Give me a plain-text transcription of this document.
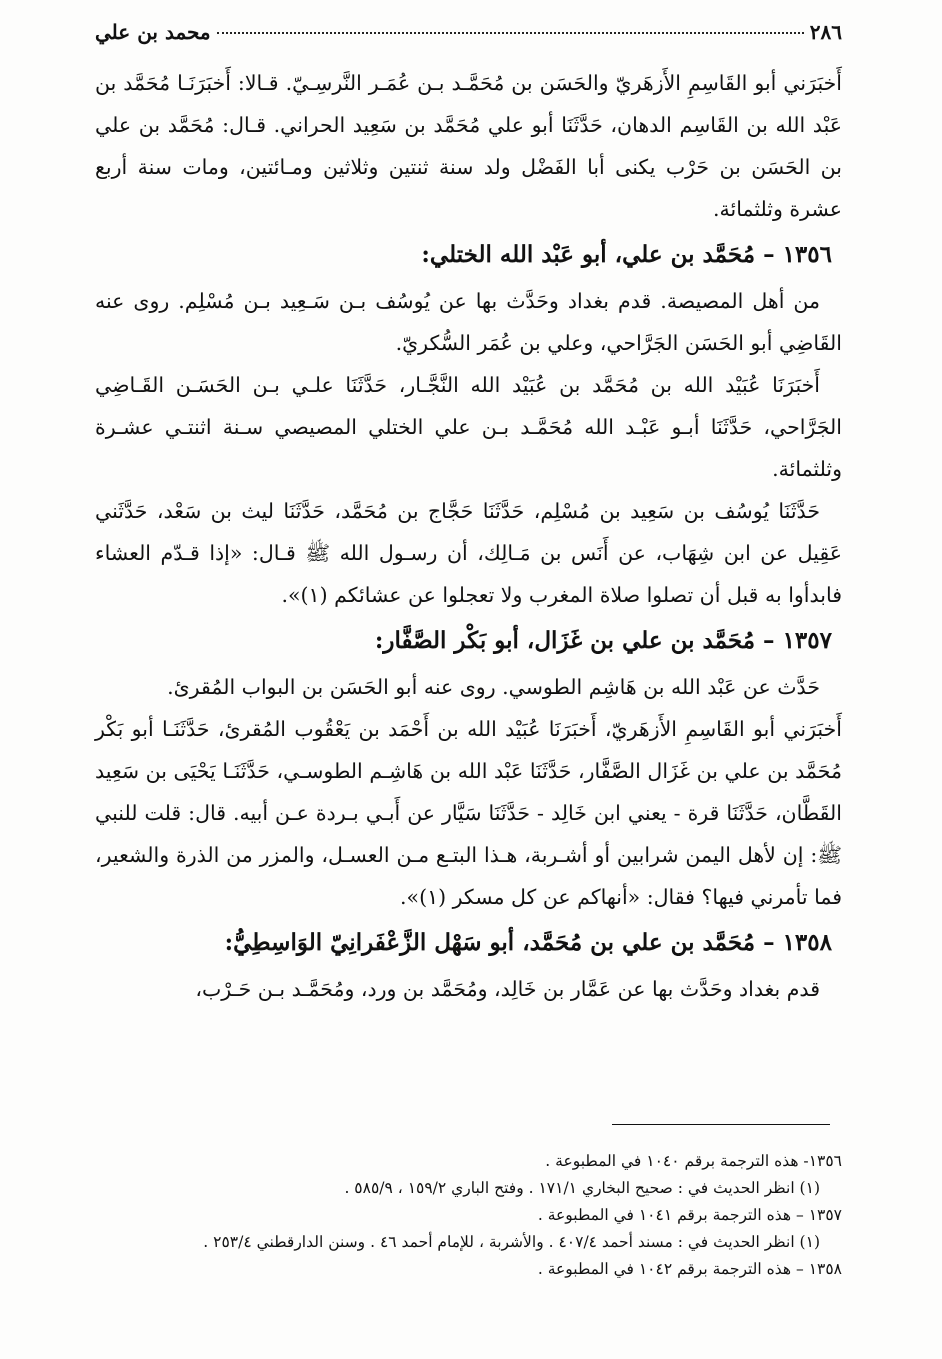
٢٨٦
محمد بن علي

أَخبَرَني أبو القَاسِمِ الأَزهَريّ والحَسَن بن مُحَمَّـد بـن عُمَـر النَّرسِـيّ. قـالا: أَخبَرَنَـا مُحَمَّد بن عَبْد الله بن القَاسِم الدهان، حَدَّثَنَا أبو علي مُحَمَّد بن سَعِيد الحراني. قـال: مُحَمَّد بن علي بن الحَسَن بن حَرْب يكنى أبا الفَضْل ولد سنة ثنتين وثلاثين ومـائتين، ومات سنة أربع عشرة وثلثمائة.

١٣٥٦ – مُحَمَّد بن علي، أبو عَبْد الله الختلي:

من أهل المصيصة. قدم بغداد وحَدَّث بها عن يُوسُف بـن سَـعِيد بـن مُسْلِم. روى عنه القَاضِي أبو الحَسَن الجَرَّاحي، وعلي بن عُمَر السُّكريّ.

أَخبَرَنَا عُبَيْد الله بن مُحَمَّد بن عُبَيْد الله النَّجَّـار، حَدَّثَنَا علـي بـن الحَسَـن القَـاضِي الجَرَّاحي، حَدَّثَنَا أبـو عَبْـد الله مُحَمَّـد بـن علي الختلي المصيصي سـنة اثنتـي عشـرة وثلثمائة.

حَدَّثَنَا يُوسُف بن سَعِيد بن مُسْلِم، حَدَّثَنَا حَجَّاج بن مُحَمَّد، حَدَّثَنَا ليث بن سَعْد، حَدَّثَني عَقِيل عن ابن شِهَاب، عن أَنَس بن مَـالِك، أن رسـول الله ﷺ قـال: «إذا قـدّم العشاء فابدأوا به قبل أن تصلوا صلاة المغرب ولا تعجلوا عن عشائكم (١)».

١٣٥٧ – مُحَمَّد بن علي بن غَزَال، أبو بَكْر الصَّفَّار:

حَدَّث عن عَبْد الله بن هَاشِم الطوسي. روى عنه أبو الحَسَن بن البواب المُقرئ.

أَخبَرَني أبو القَاسِمِ الأَزهَريّ، أَخبَرَنَا عُبَيْد الله بن أَحْمَد بن يَعْقُوب المُقرئ، حَدَّثَنَـا أبو بَكْر مُحَمَّد بن علي بن غَزَال الصَّفَّار، حَدَّثَنَا عَبْد الله بن هَاشِـم الطوسـي، حَدَّثَنَـا يَحْيَى بن سَعِيد القَطَّان، حَدَّثَنَا قرة - يعني ابن خَالِد - حَدَّثَنَا سَيَّار عن أَبـي بـردة عـن أبيه. قال: قلت للنبي ﷺ: إن لأهل اليمن شرابين أو أشـربة، هـذا البتـع مـن العسـل، والمزر من الذرة والشعير، فما تأمرني فيها؟ فقال: «أنهاكم عن كل مسكر (١)».

١٣٥٨ – مُحَمَّد بن علي بن مُحَمَّد، أبو سَهْل الزَّعْفَرانِيّ الوَاسِطِيُّ:

قدم بغداد وحَدَّث بها عن عَمَّار بن خَالِد، ومُحَمَّد بن ورد، ومُحَمَّـد بـن حَـرْب،

١٣٥٦- هذه الترجمة برقم ١٠٤٠ في المطبوعة .

(١) انظر الحديث في : صحيح البخاري ١٧١/١ . وفتح الباري ١٥٩/٢ ، ٥٨٥/٩ .

١٣٥٧ – هذه الترجمة برقم ١٠٤١ في المطبوعة .

(١) انظر الحديث في : مسند أحمد ٤٠٧/٤ . والأشربة ، للإمام أحمد ٤٦ . وسنن الدارقطني ٢٥٣/٤ .

١٣٥٨ – هذه الترجمة برقم ١٠٤٢ في المطبوعة .
